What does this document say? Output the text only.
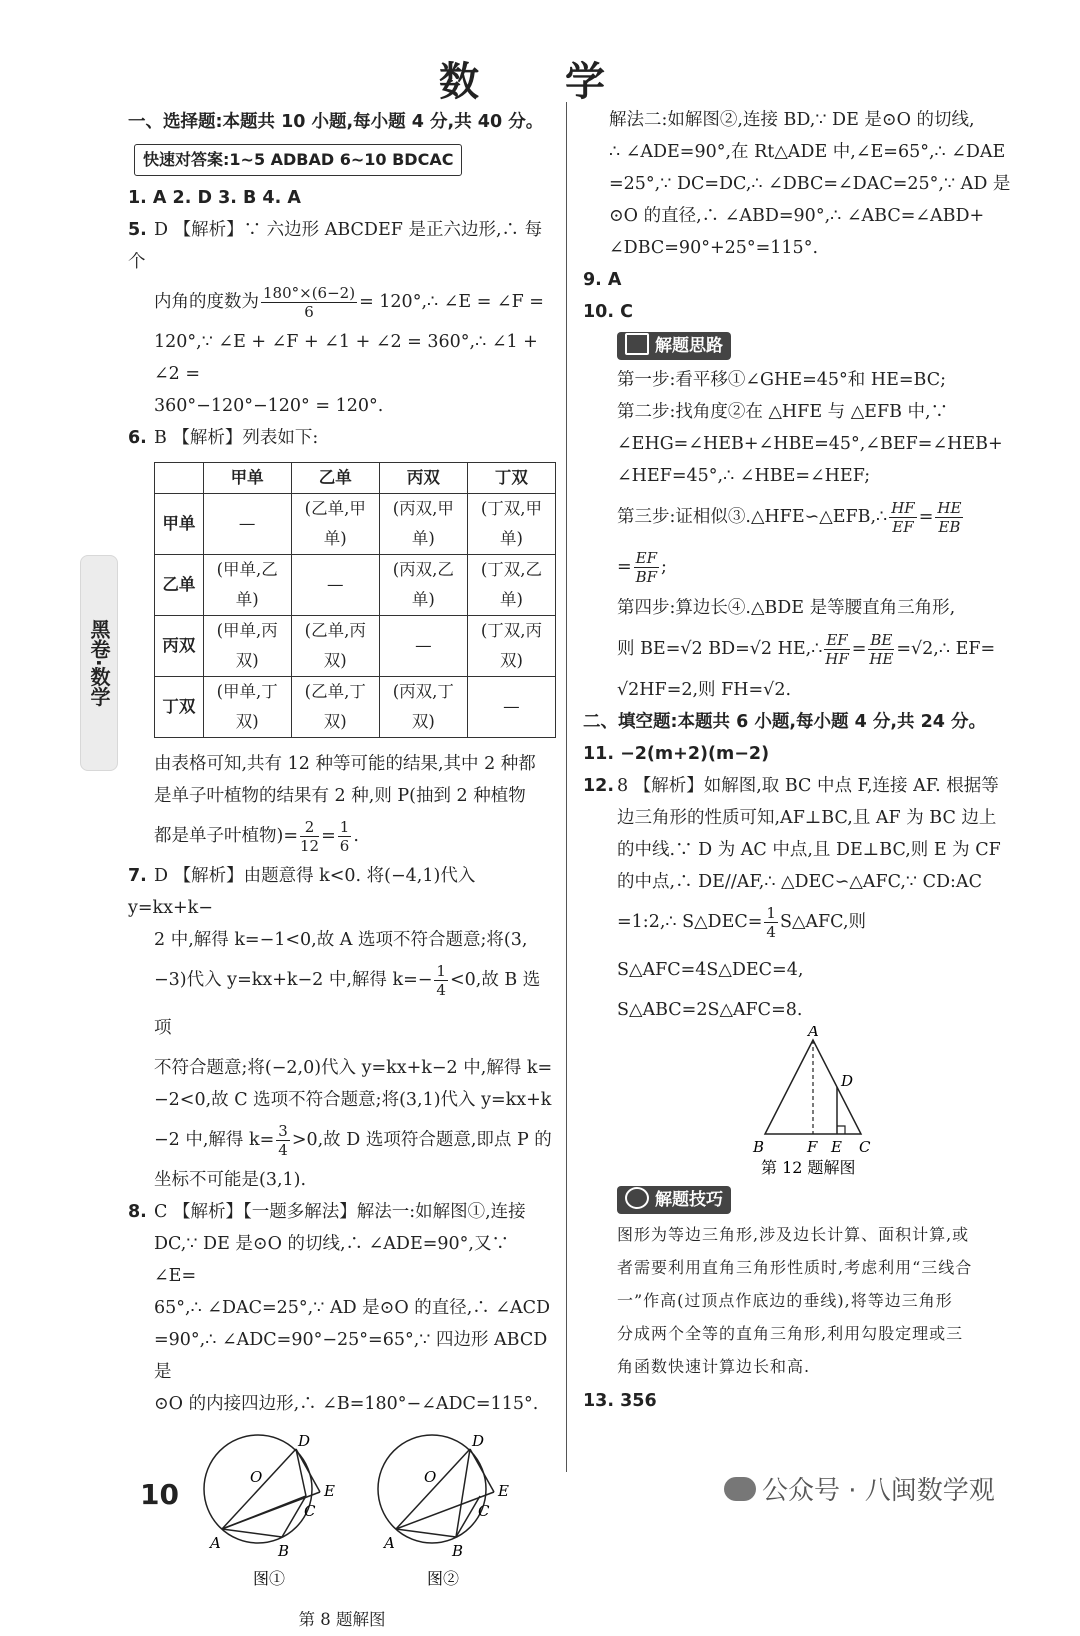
数 学
黑卷·数学

一、选择题:本题共 10 小题,每小题 4 分,共 40 分。

快速对答案:1~5 ADBAD 6~10 BDCAC

1. A 2. D 3. B 4. A

5. D 【解析】∵ 六边形 ABCDEF 是正六边形,∴ 每个

内角的度数为 $\frac{180^\circ\times(6-2)}{6}$ = 120°,∴ ∠E = ∠F =

120°,∵ ∠E + ∠F + ∠1 + ∠2 = 360°,∴ ∠1 + ∠2 =

360°−120°−120° = 120°.

6. B 【解析】列表如下:

	甲单	乙单	丙双	丁双
甲单	—	(乙单,甲单)	(丙双,甲单)	(丁双,甲单)
乙单	(甲单,乙单)	—	(丙双,乙单)	(丁双,乙单)
丙双	(甲单,丙双)	(乙单,丙双)	—	(丁双,丙双)
丁双	(甲单,丁双)	(乙单,丁双)	(丙双,丁双)	—

由表格可知,共有 12 种等可能的结果,其中 2 种都

是单子叶植物的结果有 2 种,则 P(抽到 2 种植物

都是单子叶植物)= $\frac{2}{12} = \frac{1}{6}$ .

7. D 【解析】由题意得 k<0. 将(−4,1)代入 y=kx+k−

2 中,解得 k=−1<0,故 A 选项不符合题意;将(3,

−3)代入 y=kx+k−2 中,解得 $k=- \frac{1}{4} <0$,故 B 选项

不符合题意;将(−2,0)代入 y=kx+k−2 中,解得 k=

−2<0,故 C 选项不符合题意;将(3,1)代入 y=kx+k

−2 中,解得 $k= \frac{3}{4} >0$,故 D 选项符合题意,即点 P 的

坐标不可能是(3,1).

8. C 【解析】【一题多解法】解法一:如解图①,连接

DC,∵ DE 是⊙O 的切线,∴ ∠ADE=90°,又∵ ∠E=

65°,∴ ∠DAC=25°,∵ AD 是⊙O 的直径,∴ ∠ACD

=90°,∴ ∠ADC=90°−25°=65°,∵ 四边形 ABCD 是

⊙O 的内接四边形,∴ ∠B=180°−∠ADC=115°.

D
O
E
C
A	B
图①
D
O
E
C
A	B
图②

第 8 题解图

解法二:如解图②,连接 BD,∵ DE 是⊙O 的切线,

∴ ∠ADE=90°,在 Rt△ADE 中,∠E=65°,∴ ∠DAE

=25°,∵ DC=DC,∴ ∠DBC=∠DAC=25°,∵ AD 是

⊙O 的直径,∴ ∠ABD=90°,∴ ∠ABC=∠ABD+

∠DBC=90°+25°=115°.

9. A

10. C

解题思路

第一步:看平移①∠GHE=45°和 HE=BC;

第二步:找角度②在 △HFE 与 △EFB 中,∵

∠EHG=∠HEB+∠HBE=45°,∠BEF=∠HEB+

∠HEF=45°,∴ ∠HBE=∠HEF;

第三步:证相似③.△HFE∽△EFB,∴ $\frac{HF}{EF} = \frac{HE}{EB}$

= $\frac{EF}{BF}$ ;

第四步:算边长④.△BDE 是等腰直角三角形,

则 BE=√2 BD=√2 HE,∴ $\frac{EF}{HF} = \frac{BE}{HE}$ =√2,∴ EF=

√2HF=2,则 FH=√2.

二、填空题:本题共 6 小题,每小题 4 分,共 24 分。

11. −2(m+2)(m−2)

12. 8 【解析】如解图,取 BC 中点 F,连接 AF. 根据等

边三角形的性质可知,AF⊥BC,且 AF 为 BC 边上

的中线.∵ D 为 AC 中点,且 DE⊥BC,则 E 为 CF

的中点,∴ DE//AF,∴ △DEC∽△AFC,∵ CD:AC

=1:2,∴ S△DEC= $\frac{1}{4}$ S△AFC,则 S△AFC=4S△DEC=4,

S△ABC=2S△AFC=8.

A
D
B	F E C
第 12 题解图
解题技巧

图形为等边三角形,涉及边长计算、面积计算,或

者需要利用直角三角形性质时,考虑利用“三线合

一”作高(过顶点作底边的垂线),将等边三角形

分成两个全等的直角三角形,利用勾股定理或三

角函数快速计算边长和高.

13. 356

10	公众号 · 八闽数学观
